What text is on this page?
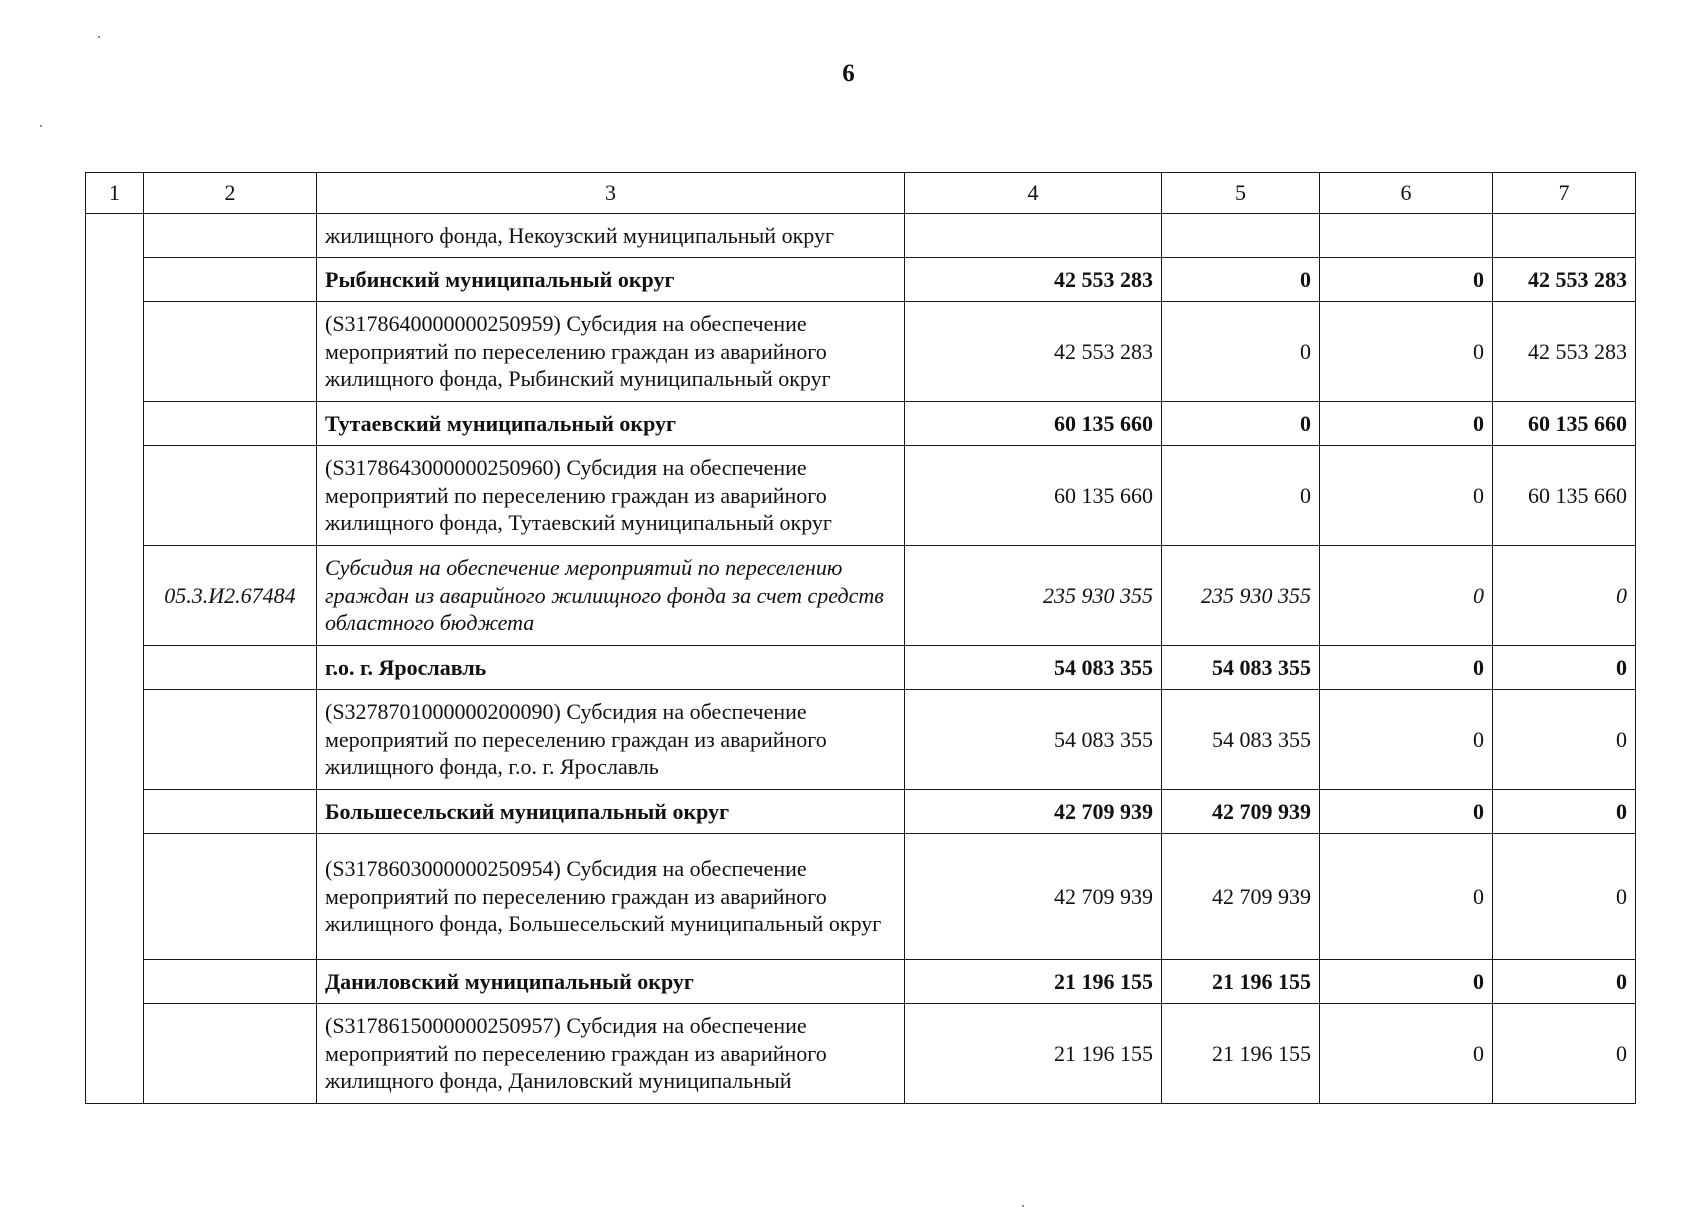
6
1	2	3	4	5	6	7
		жилищного фонда, Некоузский муниципальный округ				
		Рыбинский муниципальный округ	42 553 283	0	0	42 553 283
		(S3178640000000250959) Субсидия на обеспечение мероприятий по переселению граждан из аварийного жилищного фонда, Рыбинский муниципальный округ	42 553 283	0	0	42 553 283
		Тутаевский муниципальный округ	60 135 660	0	0	60 135 660
		(S3178643000000250960) Субсидия на обеспечение мероприятий по переселению граждан из аварийного жилищного фонда, Тутаевский муниципальный округ	60 135 660	0	0	60 135 660
	05.3.И2.67484	Субсидия на обеспечение мероприятий по переселению граждан из аварийного жилищного фонда за счет средств областного бюджета	235 930 355	235 930 355	0	0
		г.о. г. Ярославль	54 083 355	54 083 355	0	0
		(S3278701000000200090) Субсидия на обеспечение мероприятий по переселению граждан из аварийного жилищного фонда, г.о. г. Ярославль	54 083 355	54 083 355	0	0
		Большесельский муниципальный округ	42 709 939	42 709 939	0	0
		(S3178603000000250954) Субсидия на обеспечение мероприятий по переселению граждан из аварийного жилищного фонда, Большесельский муниципальный округ	42 709 939	42 709 939	0	0
		Даниловский муниципальный округ	21 196 155	21 196 155	0	0
		(S3178615000000250957) Субсидия на обеспечение мероприятий по переселению граждан из аварийного жилищного фонда, Даниловский муниципальный	21 196 155	21 196 155	0	0
